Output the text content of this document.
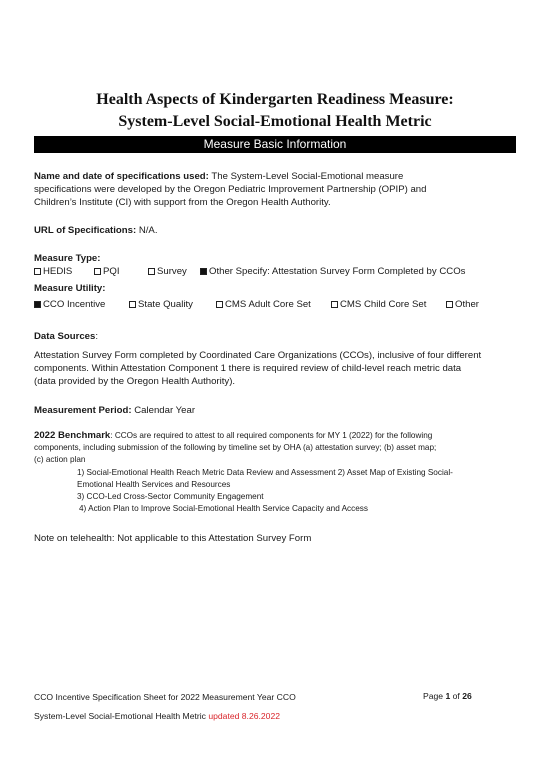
Health Aspects of Kindergarten Readiness Measure:
System-Level Social-Emotional Health Metric
Measure Basic Information
Name and date of specifications used: The System-Level Social-Emotional measure
specifications were developed by the Oregon Pediatric Improvement Partnership (OPIP) and
Children’s Institute (CI) with support from the Oregon Health Authority.
URL of Specifications: N/A.
Measure Type:
HEDIS	PQI	Survey	Other Specify: Attestation Survey Form Completed by CCOs
Measure Utility:
CCO Incentive	State Quality	CMS Adult Core Set	CMS Child Core Set	Other
Data Sources:
Attestation Survey Form completed by Coordinated Care Organizations (CCOs), inclusive of four different
components. Within Attestation Component 1 there is required review of child-level reach metric data
(data provided by the Oregon Health Authority).
Measurement Period: Calendar Year
2022 Benchmark: CCOs are required to attest to all required components for MY 1 (2022) for the following
components, including submission of the following by timeline set by OHA (a) attestation survey; (b) asset map;
(c) action plan
1) Social-Emotional Health Reach Metric Data Review and Assessment 2) Asset Map of Existing Social-
Emotional Health Services and Resources
3) CCO-Led Cross-Sector Community Engagement
4) Action Plan to Improve Social-Emotional Health Service Capacity and Access
Note on telehealth: Not applicable to this Attestation Survey Form
Page 1 of 26
CCO Incentive Specification Sheet for 2022 Measurement Year CCO
System-Level Social-Emotional Health Metric updated 8.26.2022
